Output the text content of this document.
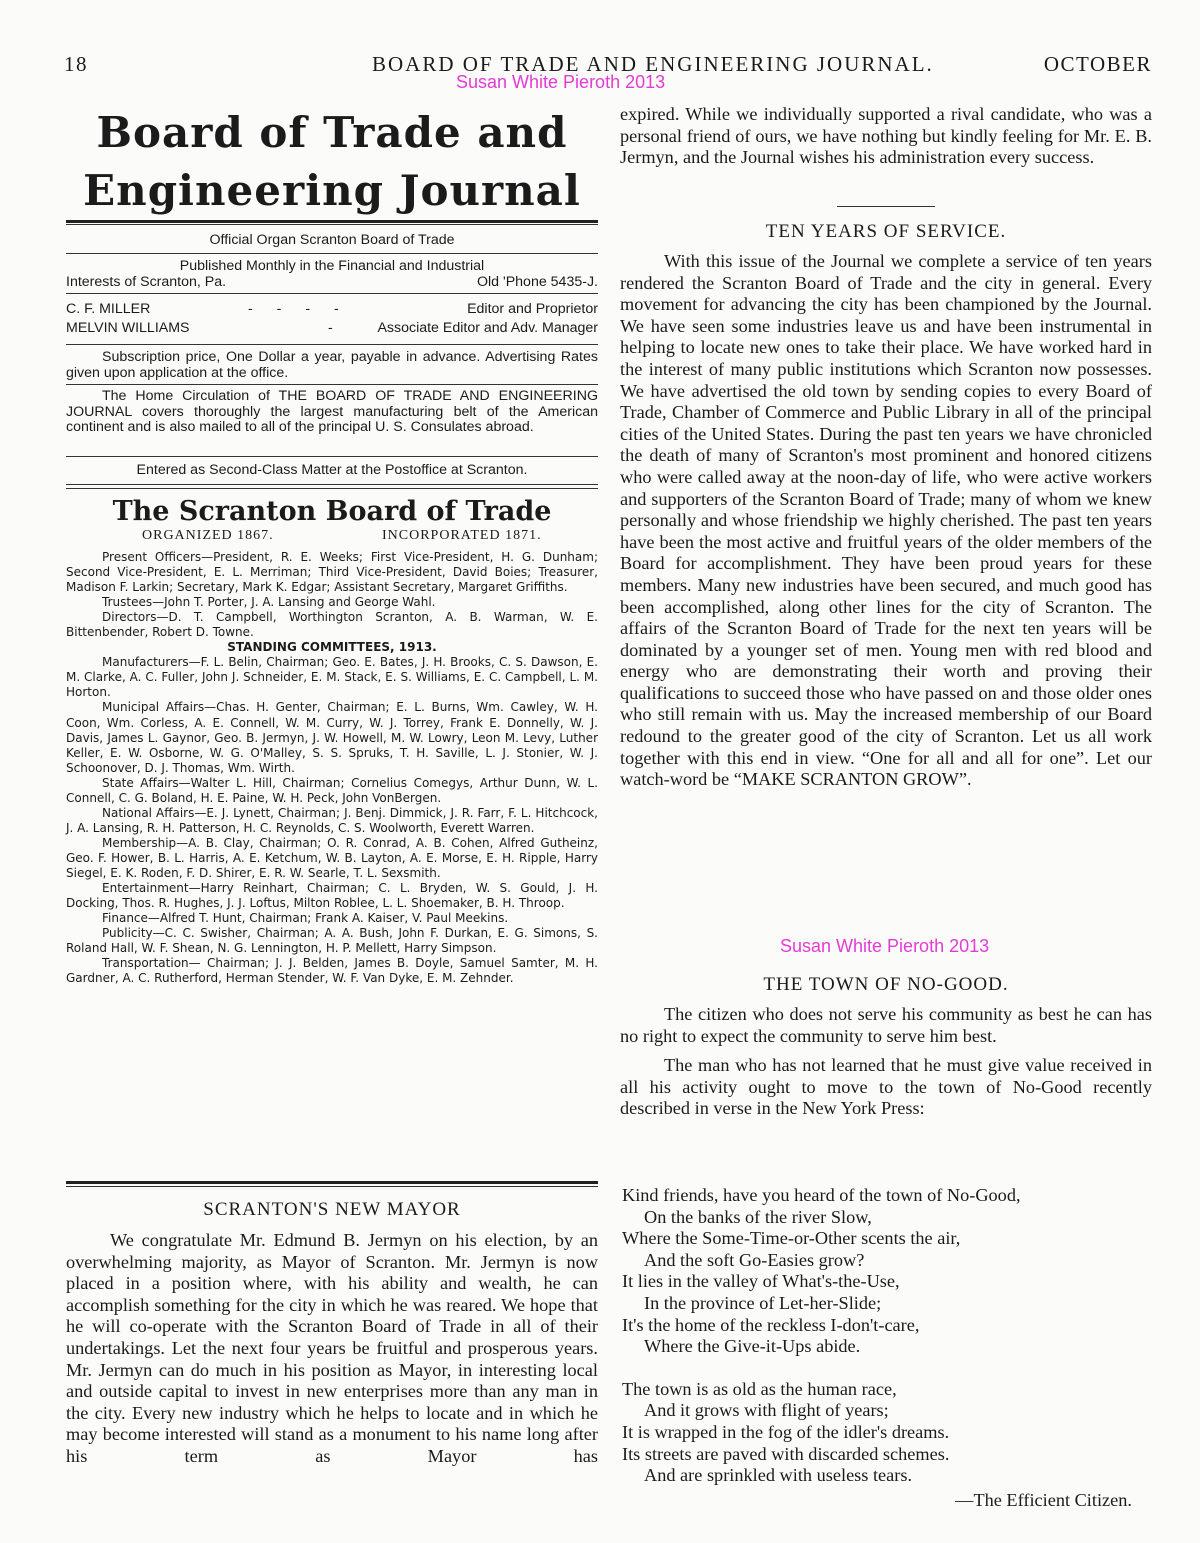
18	BOARD OF TRADE AND ENGINEERING JOURNAL.	OCTOBER
Susan White Pieroth 2013
Board of Trade and
Engineering Journal
Official Organ Scranton Board of Trade
Published Monthly in the Financial and Industrial
Interests of Scranton, Pa.	Old 'Phone 5435-J.
C. F. MILLER	- - - -	Editor and Proprietor
MELVIN WILLIAMS	-	Associate Editor and Adv. Manager
Subscription price, One Dollar a year, payable in advance. Advertising Rates given upon application at the office.
The Home Circulation of THE BOARD OF TRADE AND ENGINEERING JOURNAL covers thoroughly the largest manufacturing belt of the American continent and is also mailed to all of the principal U. S. Consulates abroad.
Entered as Second-Class Matter at the Postoffice at Scranton.
The Scranton Board of Trade
ORGANIZED 1867.	INCORPORATED 1871.

Present Officers—President, R. E. Weeks; First Vice-President, H. G. Dunham; Second Vice-President, E. L. Merriman; Third Vice-President, David Boies; Treasurer, Madison F. Larkin; Secretary, Mark K. Edgar; Assistant Secretary, Margaret Griffiths.

Trustees—John T. Porter, J. A. Lansing and George Wahl.

Directors—D. T. Campbell, Worthington Scranton, A. B. Warman, W. E. Bittenbender, Robert D. Towne.

STANDING COMMITTEES, 1913.

Manufacturers—F. L. Belin, Chairman; Geo. E. Bates, J. H. Brooks, C. S. Dawson, E. M. Clarke, A. C. Fuller, John J. Schneider, E. M. Stack, E. S. Williams, E. C. Campbell, L. M. Horton.

Municipal Affairs—Chas. H. Genter, Chairman; E. L. Burns, Wm. Cawley, W. H. Coon, Wm. Corless, A. E. Connell, W. M. Curry, W. J. Torrey, Frank E. Donnelly, W. J. Davis, James L. Gaynor, Geo. B. Jermyn, J. W. Howell, M. W. Lowry, Leon M. Levy, Luther Keller, E. W. Osborne, W. G. O'Malley, S. S. Spruks, T. H. Saville, L. J. Stonier, W. J. Schoonover, D. J. Thomas, Wm. Wirth.

State Affairs—Walter L. Hill, Chairman; Cornelius Comegys, Arthur Dunn, W. L. Connell, C. G. Boland, H. E. Paine, W. H. Peck, John VonBergen.

National Affairs—E. J. Lynett, Chairman; J. Benj. Dimmick, J. R. Farr, F. L. Hitchcock, J. A. Lansing, R. H. Patterson, H. C. Reynolds, C. S. Woolworth, Everett Warren.

Membership—A. B. Clay, Chairman; O. R. Conrad, A. B. Cohen, Alfred Gutheinz, Geo. F. Hower, B. L. Harris, A. E. Ketchum, W. B. Layton, A. E. Morse, E. H. Ripple, Harry Siegel, E. K. Roden, F. D. Shirer, E. R. W. Searle, T. L. Sexsmith.

Entertainment—Harry Reinhart, Chairman; C. L. Bryden, W. S. Gould, J. H. Docking, Thos. R. Hughes, J. J. Loftus, Milton Roblee, L. L. Shoemaker, B. H. Throop.

Finance—Alfred T. Hunt, Chairman; Frank A. Kaiser, V. Paul Meekins.

Publicity—C. C. Swisher, Chairman; A. A. Bush, John F. Durkan, E. G. Simons, S. Roland Hall, W. F. Shean, N. G. Lennington, H. P. Mellett, Harry Simpson.

Transportation— Chairman; J. J. Belden, James B. Doyle, Samuel Samter, M. H. Gardner, A. C. Rutherford, Herman Stender, W. F. Van Dyke, E. M. Zehnder.

SCRANTON'S NEW MAYOR

We congratulate Mr. Edmund B. Jermyn on his election, by an overwhelming majority, as Mayor of Scranton. Mr. Jermyn is now placed in a position where, with his ability and wealth, he can accomplish something for the city in which he was reared. We hope that he will co-operate with the Scranton Board of Trade in all of their undertakings. Let the next four years be fruitful and prosperous years. Mr. Jermyn can do much in his position as Mayor, in interesting local and outside capital to invest in new enterprises more than any man in the city. Every new industry which he helps to locate and in which he may become interested will stand as a monument to his name long after his term as Mayor has

expired. While we individually supported a rival candidate, who was a personal friend of ours, we have nothing but kindly feeling for Mr. E. B. Jermyn, and the Journal wishes his administration every success.

TEN YEARS OF SERVICE.

With this issue of the Journal we complete a service of ten years rendered the Scranton Board of Trade and the city in general. Every movement for advancing the city has been championed by the Journal. We have seen some industries leave us and have been instrumental in helping to locate new ones to take their place. We have worked hard in the interest of many public institutions which Scranton now possesses. We have advertised the old town by sending copies to every Board of Trade, Chamber of Commerce and Public Library in all of the principal cities of the United States. During the past ten years we have chronicled the death of many of Scranton's most prominent and honored citizens who were called away at the noon-day of life, who were active workers and supporters of the Scranton Board of Trade; many of whom we knew personally and whose friendship we highly cherished. The past ten years have been the most active and fruitful years of the older members of the Board for accomplishment. They have been proud years for these members. Many new industries have been secured, and much good has been accomplished, along other lines for the city of Scranton. The affairs of the Scranton Board of Trade for the next ten years will be dominated by a younger set of men. Young men with red blood and energy who are demonstrating their worth and proving their qualifications to succeed those who have passed on and those older ones who still remain with us. May the increased membership of our Board redound to the greater good of the city of Scranton. Let us all work together with this end in view. “One for all and all for one”. Let our watch-word be “MAKE SCRANTON GROW”.

Susan White Pieroth 2013
THE TOWN OF NO-GOOD.

The citizen who does not serve his community as best he can has no right to expect the community to serve him best.

The man who has not learned that he must give value received in all his activity ought to move to the town of No-Good recently described in verse in the New York Press:

Kind friends, have you heard of the town of No-Good,
On the banks of the river Slow,
Where the Some-Time-or-Other scents the air,
And the soft Go-Easies grow?
It lies in the valley of What's-the-Use,
In the province of Let-her-Slide;
It's the home of the reckless I-don't-care,
Where the Give-it-Ups abide.
The town is as old as the human race,
And it grows with flight of years;
It is wrapped in the fog of the idler's dreams.
Its streets are paved with discarded schemes.
And are sprinkled with useless tears.
—The Efficient Citizen.
